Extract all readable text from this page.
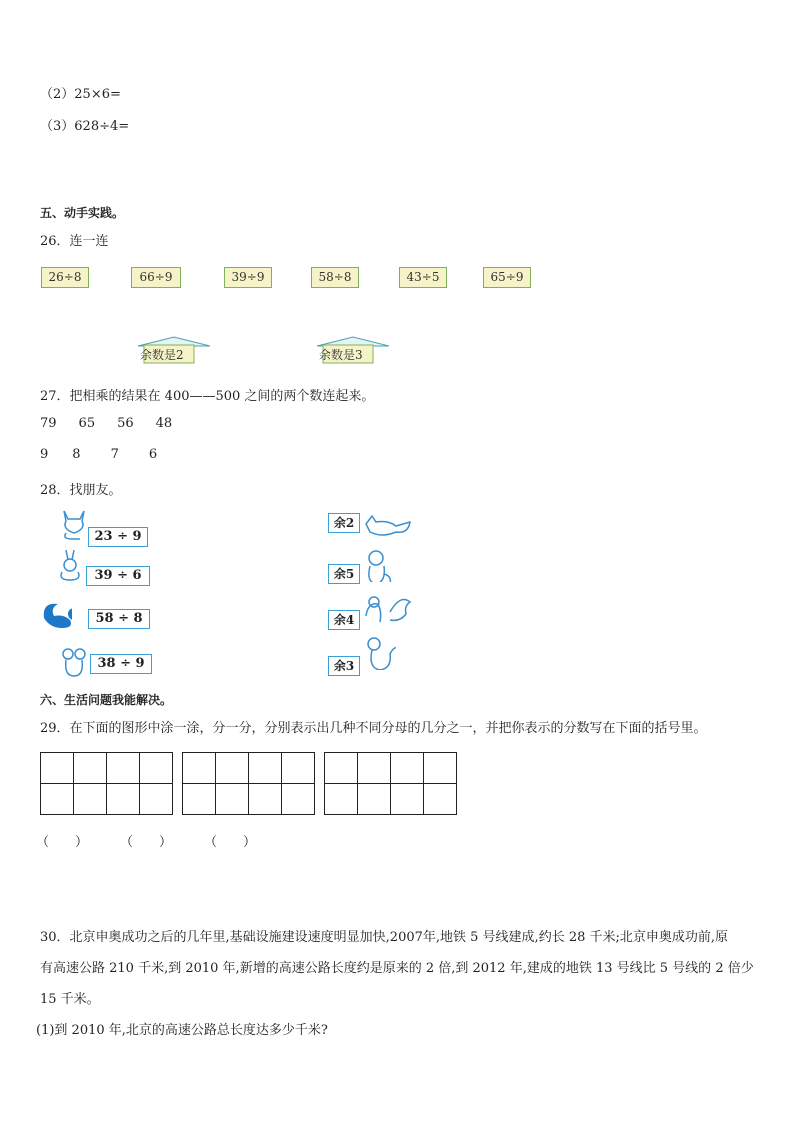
（2）25×6=
（3）628÷4=
五、动手实践。
26．连一连
26÷8	66÷9	39÷9	58÷8	43÷5	65÷9
余数是2	余数是3
27．把相乘的结果在 400——500 之间的两个数连起来。
79 65 56 48
9 8 7 6
28．找朋友。
23 ÷ 9
39 ÷ 6
58 ÷ 8
38 ÷ 9
余2
余5
余4
余3
六、生活问题我能解决。
29．在下面的图形中涂一涂，分一分，分别表示出几种不同分母的几分之一，并把你表示的分数写在下面的括号里。

（　　） （　　） （　　）
30．北京申奥成功之后的几年里,基础设施建设速度明显加快,2007年,地铁 5 号线建成,约长 28 千米;北京申奥成功前,原
有高速公路 210 千米,到 2010 年,新增的高速公路长度约是原来的 2 倍,到 2012 年,建成的地铁 13 号线比 5 号线的 2 倍少
15 千米。
(1)到 2010 年,北京的高速公路总长度达多少千米?
